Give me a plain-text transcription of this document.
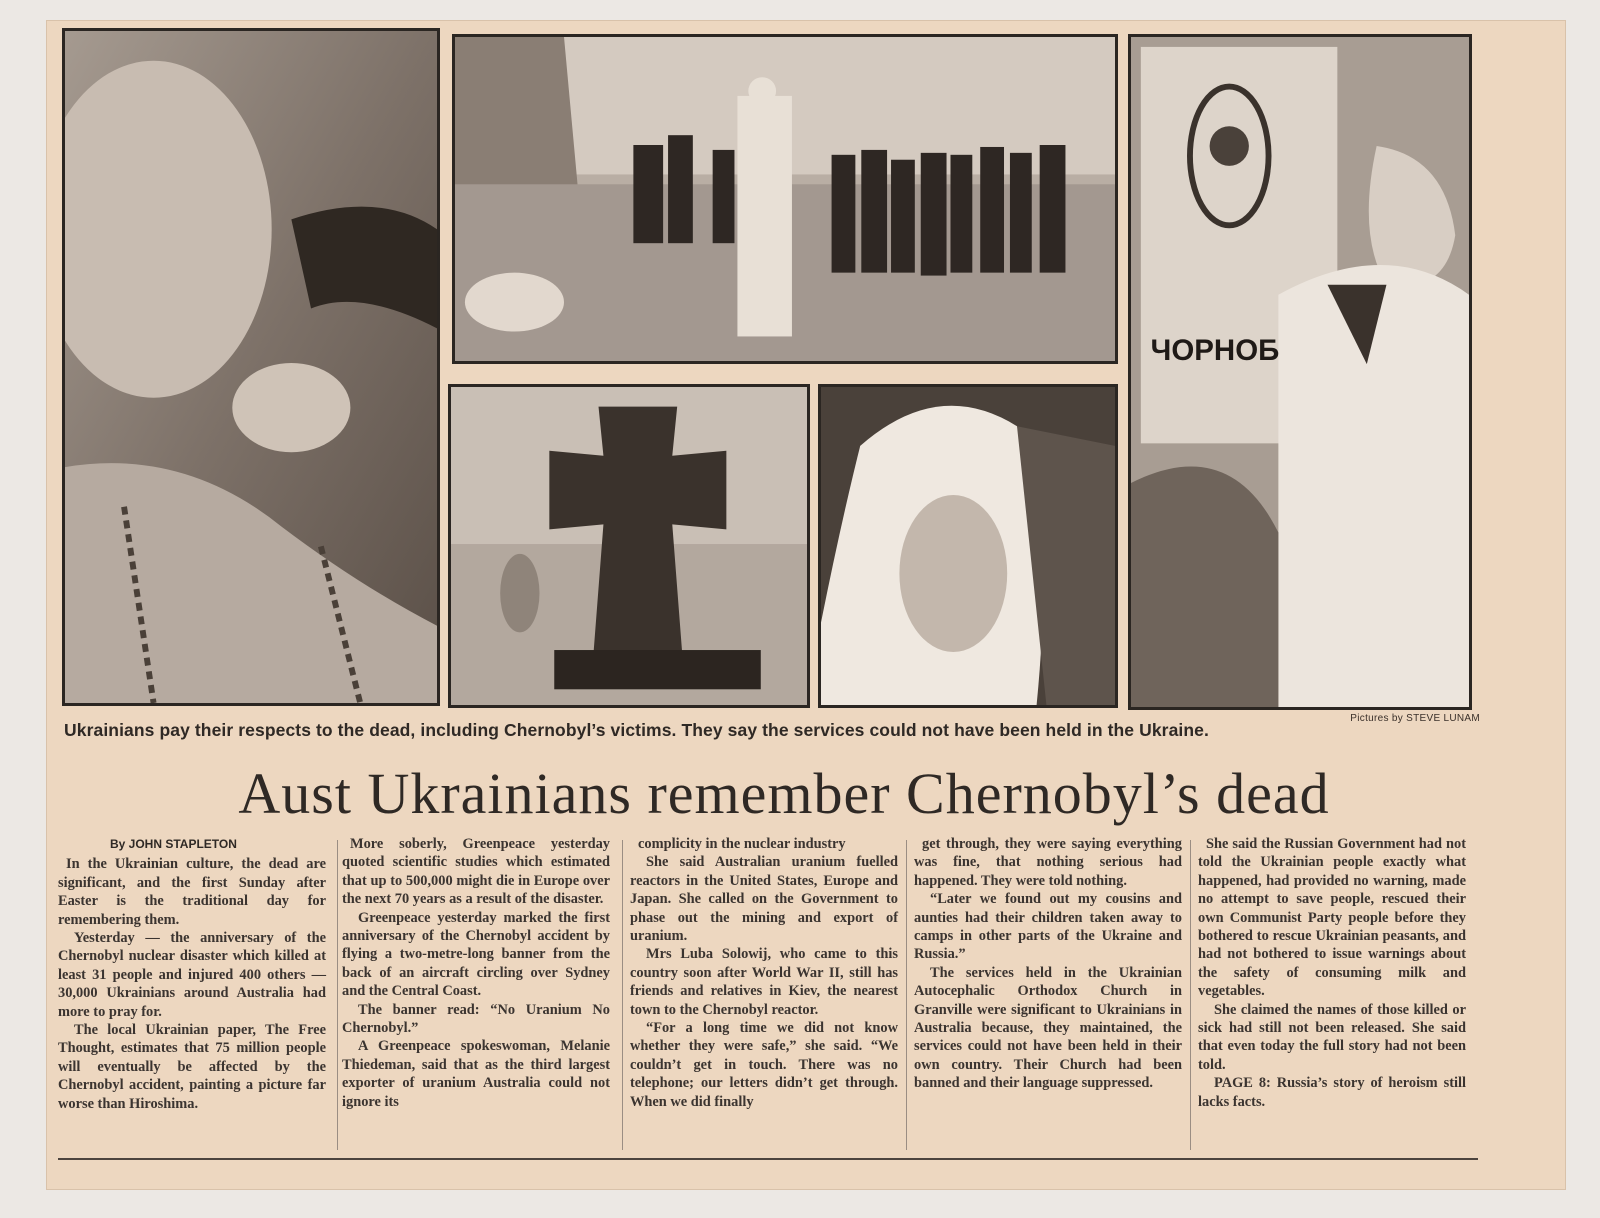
ЧОРНОБ
Pictures by STEVE LUNAM
Ukrainians pay their respects to the dead, including Chernobyl’s victims. They say the services could not have been held in the Ukraine.
Aust Ukrainians remember Chernobyl’s dead
By JOHN STAPLETON

In the Ukrainian culture, the dead are significant, and the first Sunday after Easter is the traditional day for remembering them.

Yesterday — the anniversary of the Chernobyl nuclear disaster which killed at least 31 people and injured 400 others — 30,000 Ukrainians around Australia had more to pray for.

The local Ukrainian paper, The Free Thought, estimates that 75 million people will eventually be affected by the Chernobyl accident, painting a picture far worse than Hiroshima.

More soberly, Greenpeace yesterday quoted scientific studies which estimated that up to 500,000 might die in Europe over the next 70 years as a result of the disaster.

Greenpeace yesterday marked the first anniversary of the Chernobyl accident by flying a two-metre-long banner from the back of an aircraft circling over Sydney and the Central Coast.

The banner read: “No Uranium No Chernobyl.”

A Greenpeace spokeswoman, Melanie Thiedeman, said that as the third largest exporter of uranium Australia could not ignore its

complicity in the nuclear industry

She said Australian uranium fuelled reactors in the United States, Europe and Japan. She called on the Government to phase out the mining and export of uranium.

Mrs Luba Solowij, who came to this country soon after World War II, still has friends and relatives in Kiev, the nearest town to the Chernobyl reactor.

“For a long time we did not know whether they were safe,” she said. “We couldn’t get in touch. There was no telephone; our letters didn’t get through. When we did finally

get through, they were saying everything was fine, that nothing serious had happened. They were told nothing.

“Later we found out my cousins and aunties had their children taken away to camps in other parts of the Ukraine and Russia.”

The services held in the Ukrainian Autocephalic Orthodox Church in Granville were significant to Ukrainians in Australia because, they maintained, the services could not have been held in their own country. Their Church had been banned and their language suppressed.

She said the Russian Government had not told the Ukrainian people exactly what happened, had provided no warning, made no attempt to save people, rescued their own Communist Party people before they bothered to rescue Ukrainian peasants, and had not bothered to issue warnings about the safety of consuming milk and vegetables.

She claimed the names of those killed or sick had still not been released. She said that even today the full story had not been told.

PAGE 8: Russia’s story of heroism still lacks facts.
